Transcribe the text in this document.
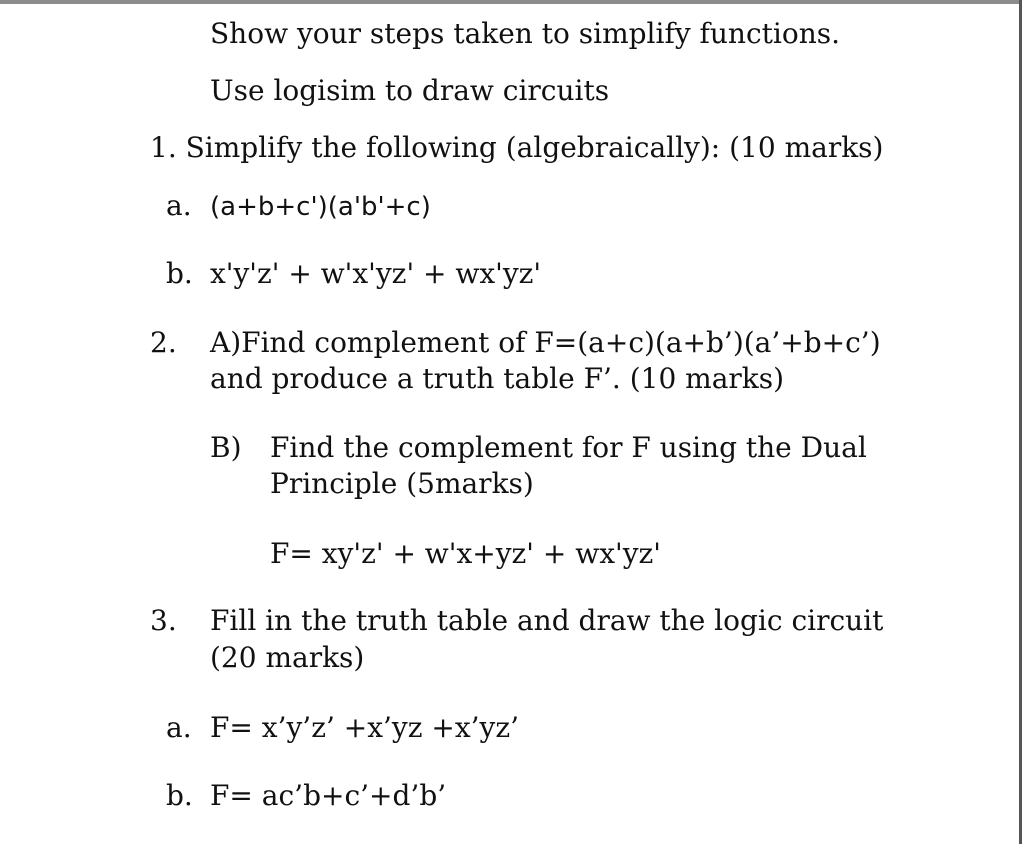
Show your steps taken to simplify functions.
Use logisim to draw circuits
1. Simplify the following (algebraically): (10 marks)
a. (a+b+c')(a'b'+c)
b. x'y'z' + w'x'yz' + wx'yz'
2. A)Find complement of F=(a+c)(a+b’)(a’+b+c’)
and produce a truth table F’. (10 marks)
B) Find the complement for F using the Dual
Principle (5marks)
F= xy'z' + w'x+yz' + wx'yz'
3. Fill in the truth table and draw the logic circuit
(20 marks)
a. F= x’y’z’ +x’yz +x’yz’
b. F= ac’b+c’+d’b’
